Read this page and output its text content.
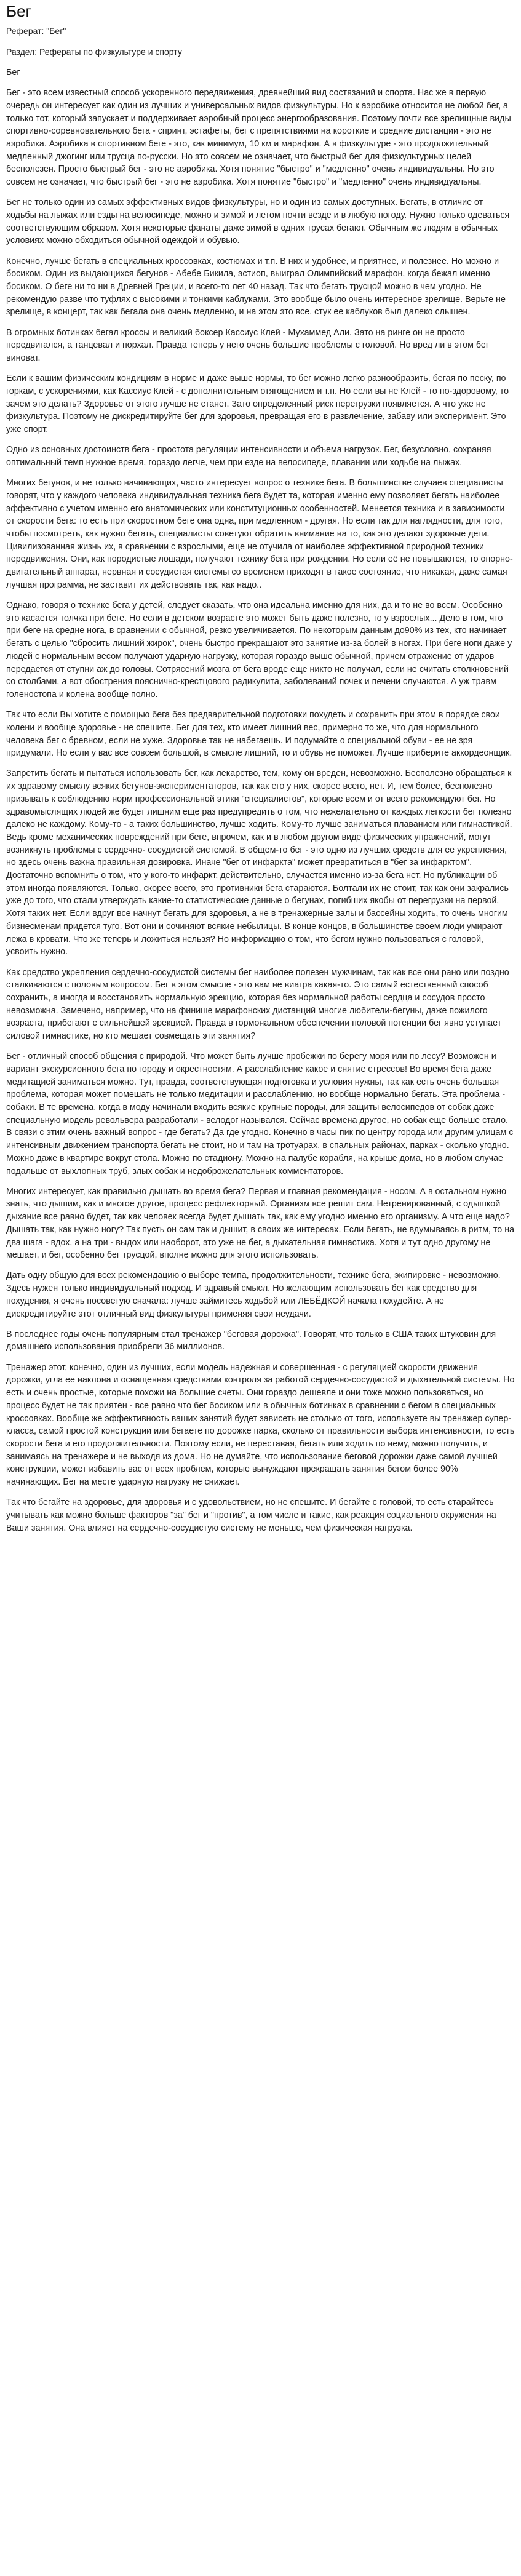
Бег
Реферат: "Бег"
Раздел: Рефераты по физкультуре и спорту

Бег

Бег - это всем известный способ ускоренного передвижения, древнейший вид состязаний и спорта. Нас же в первую очередь он интересует как один из лучших и универсальных видов физкультуры. Но к аэробике относится не любой бег, а только тот, который запускает и поддерживает аэробный процесс энергообразования. Поэтому почти все зрелищные виды спортивно-соревновательного бега - спринт, эстафеты, бег с препятствиями на короткие и средние дистанции - это не аэробика. Аэробика в спортивном беге - это, как минимум, 10 км и марафон. А в физкультуре - это продолжительный медленный джогинг или трусца по-русски. Но это совсем не означает, что быстрый бег для физкультурных целей бесполезен. Просто быстрый бег - это не аэробика. Хотя понятие "быстро" и "медленно" очень индивидуальны. Но это совсем не означает, что быстрый бег - это не аэробика. Хотя понятие "быстро" и "медленно" очень индивидуальны.

Бег не только один из самых эффективных видов физкультуры, но и один из самых доступных. Бегать, в отличие от ходьбы на лыжах или езды на велосипеде, можно и зимой и летом почти везде и в любую погоду. Нужно только одеваться соответствующим образом. Хотя некоторые фанаты даже зимой в одних трусах бегают. Обычным же людям в обычных условиях можно обходиться обычной одеждой и обувью.

Конечно, лучше бегать в специальных кроссовках, костюмах и т.п. В них и удобнее, и приятнее, и полезнее. Но можно и босиком. Один из выдающихся бегунов - Абебе Бикила, эстиоп, выиграл Олимпийский марафон, когда бежал именно босиком. О беге ни то ни в Древней Греции, и всего-то лет 40 назад. Так что бегать трусцой можно в чем угодно. Не рекомендую разве что туфлях с высокими и тонкими каблуками. Это вообще было очень интересное зрелище. Верьте не зрелище, в концерт, так как бегала она очень медленно, и на этом это все. стук ее каблуков был далеко слышен.

В огромных ботинках бегал кроссы и великий боксер Кассиус Клей - Мухаммед Али. Зато на ринге он не просто передвигался, а танцевал и порхал. Правда теперь у него очень большие проблемы с головой. Но вред ли в этом бег виноват.

Если к вашим физическим кондициям в норме и даже выше нормы, то бег можно легко разнообразить, бегая по песку, по горкам, с ускорениями, как Кассиус Клей - с дополнительным отягощением и т.п. Но если вы не Клей - то по-здоровому, то зачем это делать? Здоровье от этого лучше не станет. Зато определенный риск перегрузки появляется. А что уже не физкультура. Поэтому не дискредитируйте бег для здоровья, превращая его в развлечение, забаву или эксперимент. Это уже спорт.

Одно из основных достоинств бега - простота регуляции интенсивности и объема нагрузок. Бег, безусловно, сохраняя оптимальный темп нужное время, гораздо легче, чем при езде на велосипеде, плавании или ходьбе на лыжах.

Многих бегунов, и не только начинающих, часто интересует вопрос о технике бега. В большинстве случаев специалисты говорят, что у каждого человека индивидуальная техника бега будет та, которая именно ему позволяет бегать наиболее эффективно с учетом именно его анатомических или конституционных особенностей. Менеется техника и в зависимости от скорости бега: то есть при скоростном беге она одна, при медленном - другая. Но если так для наглядности, для того, чтобы посмотреть, как нужно бегать, специалисты советуют обратить внимание на то, как это делают здоровые дети. Цивилизованная жизнь их, в сравнении с взрослыми, еще не отучила от наиболее эффективной природной техники передвижения. Они, как породистые лошади, получают технику бега при рождении. Но если её не повышаются, то опорно-двигательный аппарат, нервная и сосудистая системы со временем приходят в такое состояние, что никакая, даже самая лучшая программа, не заставит их действовать так, как надо..

Однако, говоря о технике бега у детей, следует сказать, что она идеальна именно для них, да и то не во всем. Особенно это касается толчка при беге. Но если в детском возрасте это может быть даже полезно, то у взрослых... Дело в том, что при беге на средне нога, в сравнении с обычной, резко увеличивается. По некоторым данным до90% из тех, кто начинает бегать с целью "сбросить лишний жирок", очень быстро прекращают это занятие из-за болей в ногах. При беге ноги даже у людей с нормальным весом получают ударную нагрузку, которая гораздо выше обычной, причем отражение от ударов передается от ступни аж до головы. Сотрясений мозга от бега вроде еще никто не получал, если не считать столкновений со столбами, а вот обострения пояснично-крестцового радикулита, заболеваний почек и печени случаются. А уж травм голеностопа и колена вообще полно.

Так что если Вы хотите с помощью бега без предварительной подготовки похудеть и сохранить при этом в порядке свои колени и вообще здоровье - не спешите. Бег для тех, кто имеет лишний вес, примерно то же, что для нормального человека бег с бревном, если не хуже. Здоровье так не набегаешь. И подумайте о специальной обуви - ее не зря придумали. Но если у вас все совсем большой, в смысле лишний, то и обувь не поможет. Лучше приберите аккордеонщик.

Запретить бегать и пытаться использовать бег, как лекарство, тем, кому он вреден, невозможно. Бесполезно обращаться к их здравому смыслу всяких бегунов-экспериментаторов, так как его у них, скорее всего, нет. И, тем более, бесполезно призывать к соблюдению норм профессиональной этики "специалистов", которые всем и от всего рекомендуют бег. Но здравомыслящих людей же будет лишним еще раз предупредить о том, что нежелательно от каждых легкости бег полезно далеко не каждому. Кому-то - а таких большинство, лучше ходить. Кому-то лучше заниматься плаванием или гимнастикой. Ведь кроме механических повреждений при беге, впрочем, как и в любом другом виде физических упражнений, могут возникнуть проблемы с сердечно- сосудистой системой. В общем-то бег - это одно из лучших средств для ее укрепления, но здесь очень важна правильная дозировка. Иначе "бег от инфаркта" может превратиться в "бег за инфарктом". Достаточно вспомнить о том, что у кого-то инфаркт, действительно, случается именно из-за бега нет. Но публикации об этом иногда появляются. Только, скорее всего, это противники бега стараются. Болтали их не стоит, так как они закрались уже до того, что стали утверждать какие-то статистические данные о бегунах, погибших якобы от перегрузки на первой. Хотя таких нет. Если вдруг все начнут бегать для здоровья, а не в тренажерные залы и бассейны ходить, то очень многим бизнесменам придется туго. Вот они и сочиняют всякие небылицы. В конце концов, в большинстве своем люди умирают лежа в кровати. Что же теперь и ложиться нельзя? Но информацию о том, что бегом нужно пользоваться с головой, усвоить нужно.

Как средство укрепления сердечно-сосудистой системы бег наиболее полезен мужчинам, так как все они рано или поздно сталкиваются с половым вопросом. Бег в этом смысле - это вам не виагра какая-то. Это самый естественный способ сохранить, а иногда и восстановить нормальную эрекцию, которая без нормальной работы сердца и сосудов просто невозможна. Замечено, например, что на финише марафонских дистанций многие любители-бегуны, даже пожилого возраста, прибегают с сильнейшей эрекцией. Правда в гормональном обеспечении половой потенции бег явно уступает силовой гимнастике, но кто мешает совмещать эти занятия?

Бег - отличный способ общения с природой. Что может быть лучше пробежки по берегу моря или по лесу? Возможен и вариант экскурсионного бега по городу и окрестностям. А расслабление какое и снятие стрессов! Во время бега даже медитацией заниматься можно. Тут, правда, соответствующая подготовка и условия нужны, так как есть очень большая проблема, которая может помешать не только медитации и расслаблению, но вообще нормально бегать. Эта проблема - собаки. В те времена, когда в моду начинали входить всякие крупные породы, для защиты велосипедов от собак даже специальную модель револьвера разработали - велодог назывался. Сейчас времена другое, но собак еще больше стало. В связи с этим очень важный вопрос - где бегать? Да где угодно. Конечно в часы пик по центру города или другим улицам с интенсивным движением транспорта бегать не стоит, но и там на тротуарах, в спальных районах, парках - сколько угодно. Можно даже в квартире вокруг стола. Можно по стадиону. Можно на палубе корабля, на крыше дома, но в любом случае подальше от выхлопных труб, злых собак и недоброжелательных комментаторов.

Многих интересует, как правильно дышать во время бега? Первая и главная рекомендация - носом. А в остальном нужно знать, что дышим, как и многое другое, процесс рефлекторный. Организм все решит сам. Нетренированный, с одышкой дыхание все равно будет, так как человек всегда будет дышать так, как ему угодно именно его организму. А что еще надо? Дышать так, как нужно ногу? Так пусть он сам так и дышит, в своих же интересах. Если бегать, не вдумываясь в ритм, то на два шага - вдох, а на три - выдох или наоборот, это уже не бег, а дыхательная гимнастика. Хотя и тут одно другому не мешает, и бег, особенно бег трусцой, вполне можно для этого использовать.

Дать одну общую для всех рекомендацию о выборе темпа, продолжительности, технике бега, экипировке - невозможно. Здесь нужен только индивидуальный подход. И здравый смысл. Но желающим использовать бег как средство для похудения, я очень посоветую сначала: лучше займитесь ходьбой или ЛЕБЁДКОЙ начала похудейте. А не дискредитируйте этот отличный вид физкультуры применяя свои неудачи.

В последнее годы очень популярным стал тренажер "беговая дорожка". Говорят, что только в США таких штуковин для домашнего использования приобрели 36 миллионов.

Тренажер этот, конечно, один из лучших, если модель надежная и совершенная - с регуляцией скорости движения дорожки, угла ее наклона и оснащенная средствами контроля за работой сердечно-сосудистой и дыхательной системы. Но есть и очень простые, которые похожи на большие счеты. Они гораздо дешевле и они тоже можно пользоваться, но процесс будет не так приятен - все равно что бег босиком или в обычных ботинках в сравнении с бегом в специальных кроссовках. Вообще же эффективность ваших занятий будет зависеть не столько от того, используете вы тренажер супер-класса, самой простой конструкции или бегаете по дорожке парка, сколько от правильности выбора интенсивности, то есть скорости бега и его продолжительности. Поэтому если, не переставая, бегать или ходить по нему, можно получить, и занимаясь на тренажере и не выходя из дома. Но не думайте, что использование беговой дорожки даже самой лучшей конструкции, может избавить вас от всех проблем, которые вынуждают прекращать занятия бегом более 90% начинающих. Бег на месте ударную нагрузку не снижает.

Так что бегайте на здоровье, для здоровья и с удовольствием, но не спешите. И бегайте с головой, то есть старайтесь учитывать как можно больше факторов "за" бег и "против", а том числе и такие, как реакция социального окружения на Ваши занятия. Она влияет на сердечно-сосудистую систему не меньше, чем физическая нагрузка.
